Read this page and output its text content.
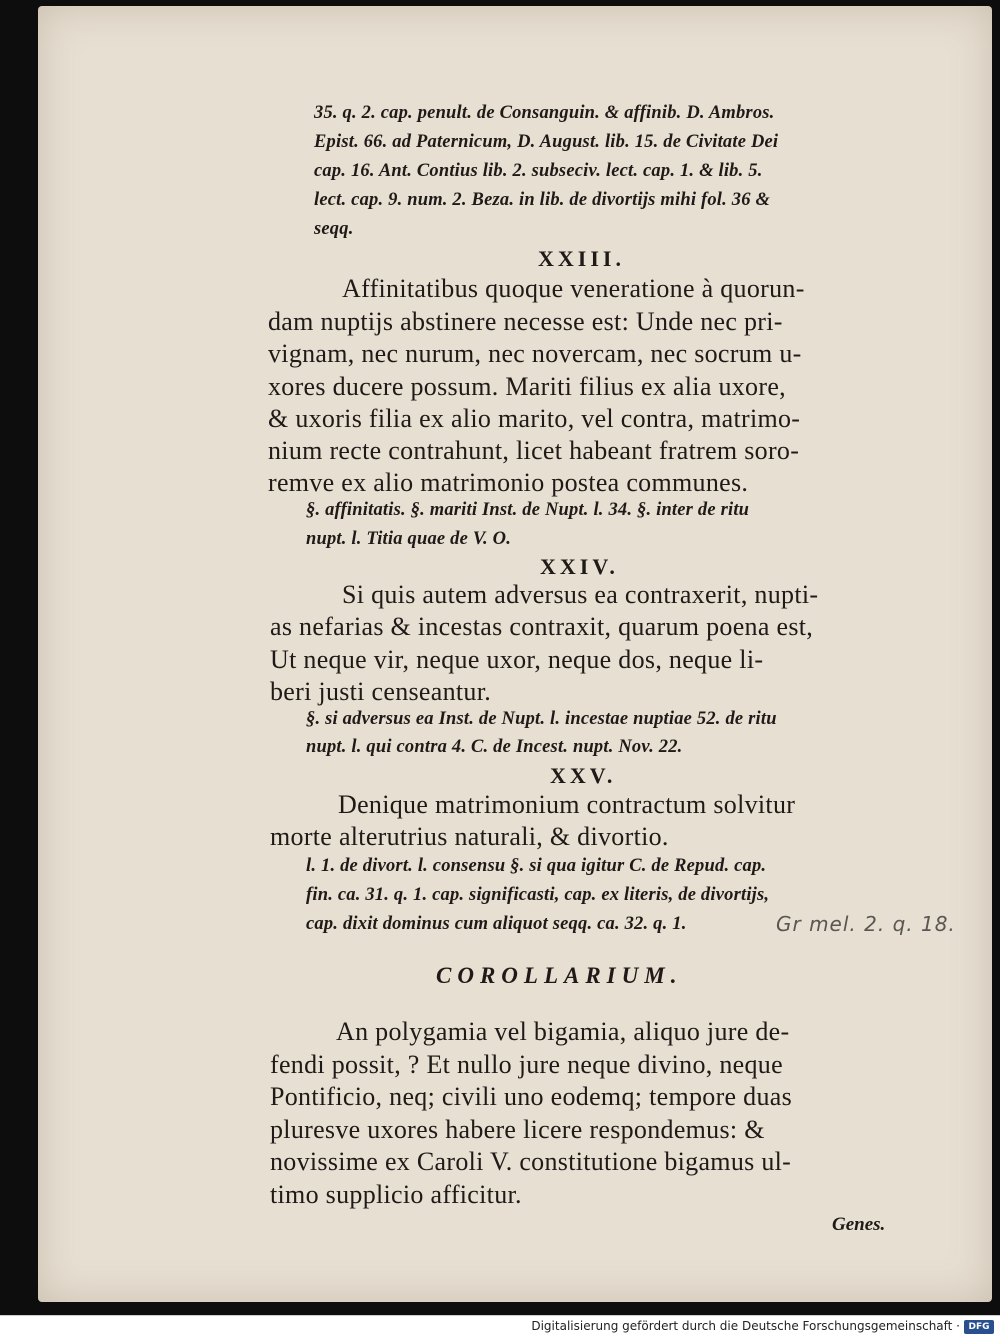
35. q. 2. cap. penult. de Consanguin. & affinib. D. Ambros.
Epist. 66. ad Paternicum, D. August. lib. 15. de Civitate Dei
cap. 16. Ant. Contius lib. 2. subseciv. lect. cap. 1. & lib. 5.
lect. cap. 9. num. 2. Beza. in lib. de divortijs mihi fol. 36 &
seqq.
XXIII.
Affinitatibus quoque veneratione à quorun-
dam nuptijs abstinere necesse est: Unde nec pri-
vignam, nec nurum, nec novercam, nec socrum u-
xores ducere possum. Mariti filius ex alia uxore,
& uxoris filia ex alio marito, vel contra, matrimo-
nium recte contrahunt, licet habeant fratrem soro-
remve ex alio matrimonio postea communes.
§. affinitatis. §. mariti Inst. de Nupt. l. 34. §. inter de ritu
nupt. l. Titia quae de V. O.
XXIV.
Si quis autem adversus ea contraxerit, nupti-
as nefarias & incestas contraxit, quarum poena est,
Ut neque vir, neque uxor, neque dos, neque li-
beri justi censeantur.
§. si adversus ea Inst. de Nupt. l. incestae nuptiae 52. de ritu
nupt. l. qui contra 4. C. de Incest. nupt. Nov. 22.
XXV.
Denique matrimonium contractum solvitur
morte alterutrius naturali, & divortio.
l. 1. de divort. l. consensu §. si qua igitur C. de Repud. cap.
fin. ca. 31. q. 1. cap. significasti, cap. ex literis, de divortijs,
cap. dixit dominus cum aliquot seqq. ca. 32. q. 1.	Gr mel. 2. q. 18.
COROLLARIUM.
An polygamia vel bigamia, aliquo jure de-
fendi possit, ? Et nullo jure neque divino, neque
Pontificio, neq; civili uno eodemq; tempore duas
pluresve uxores habere licere respondemus: &
novissime ex Caroli V. constitutione bigamus ul-
timo supplicio afficitur.
Genes.
Digitalisierung gefördert durch die Deutsche Forschungsgemeinschaft · DFG
